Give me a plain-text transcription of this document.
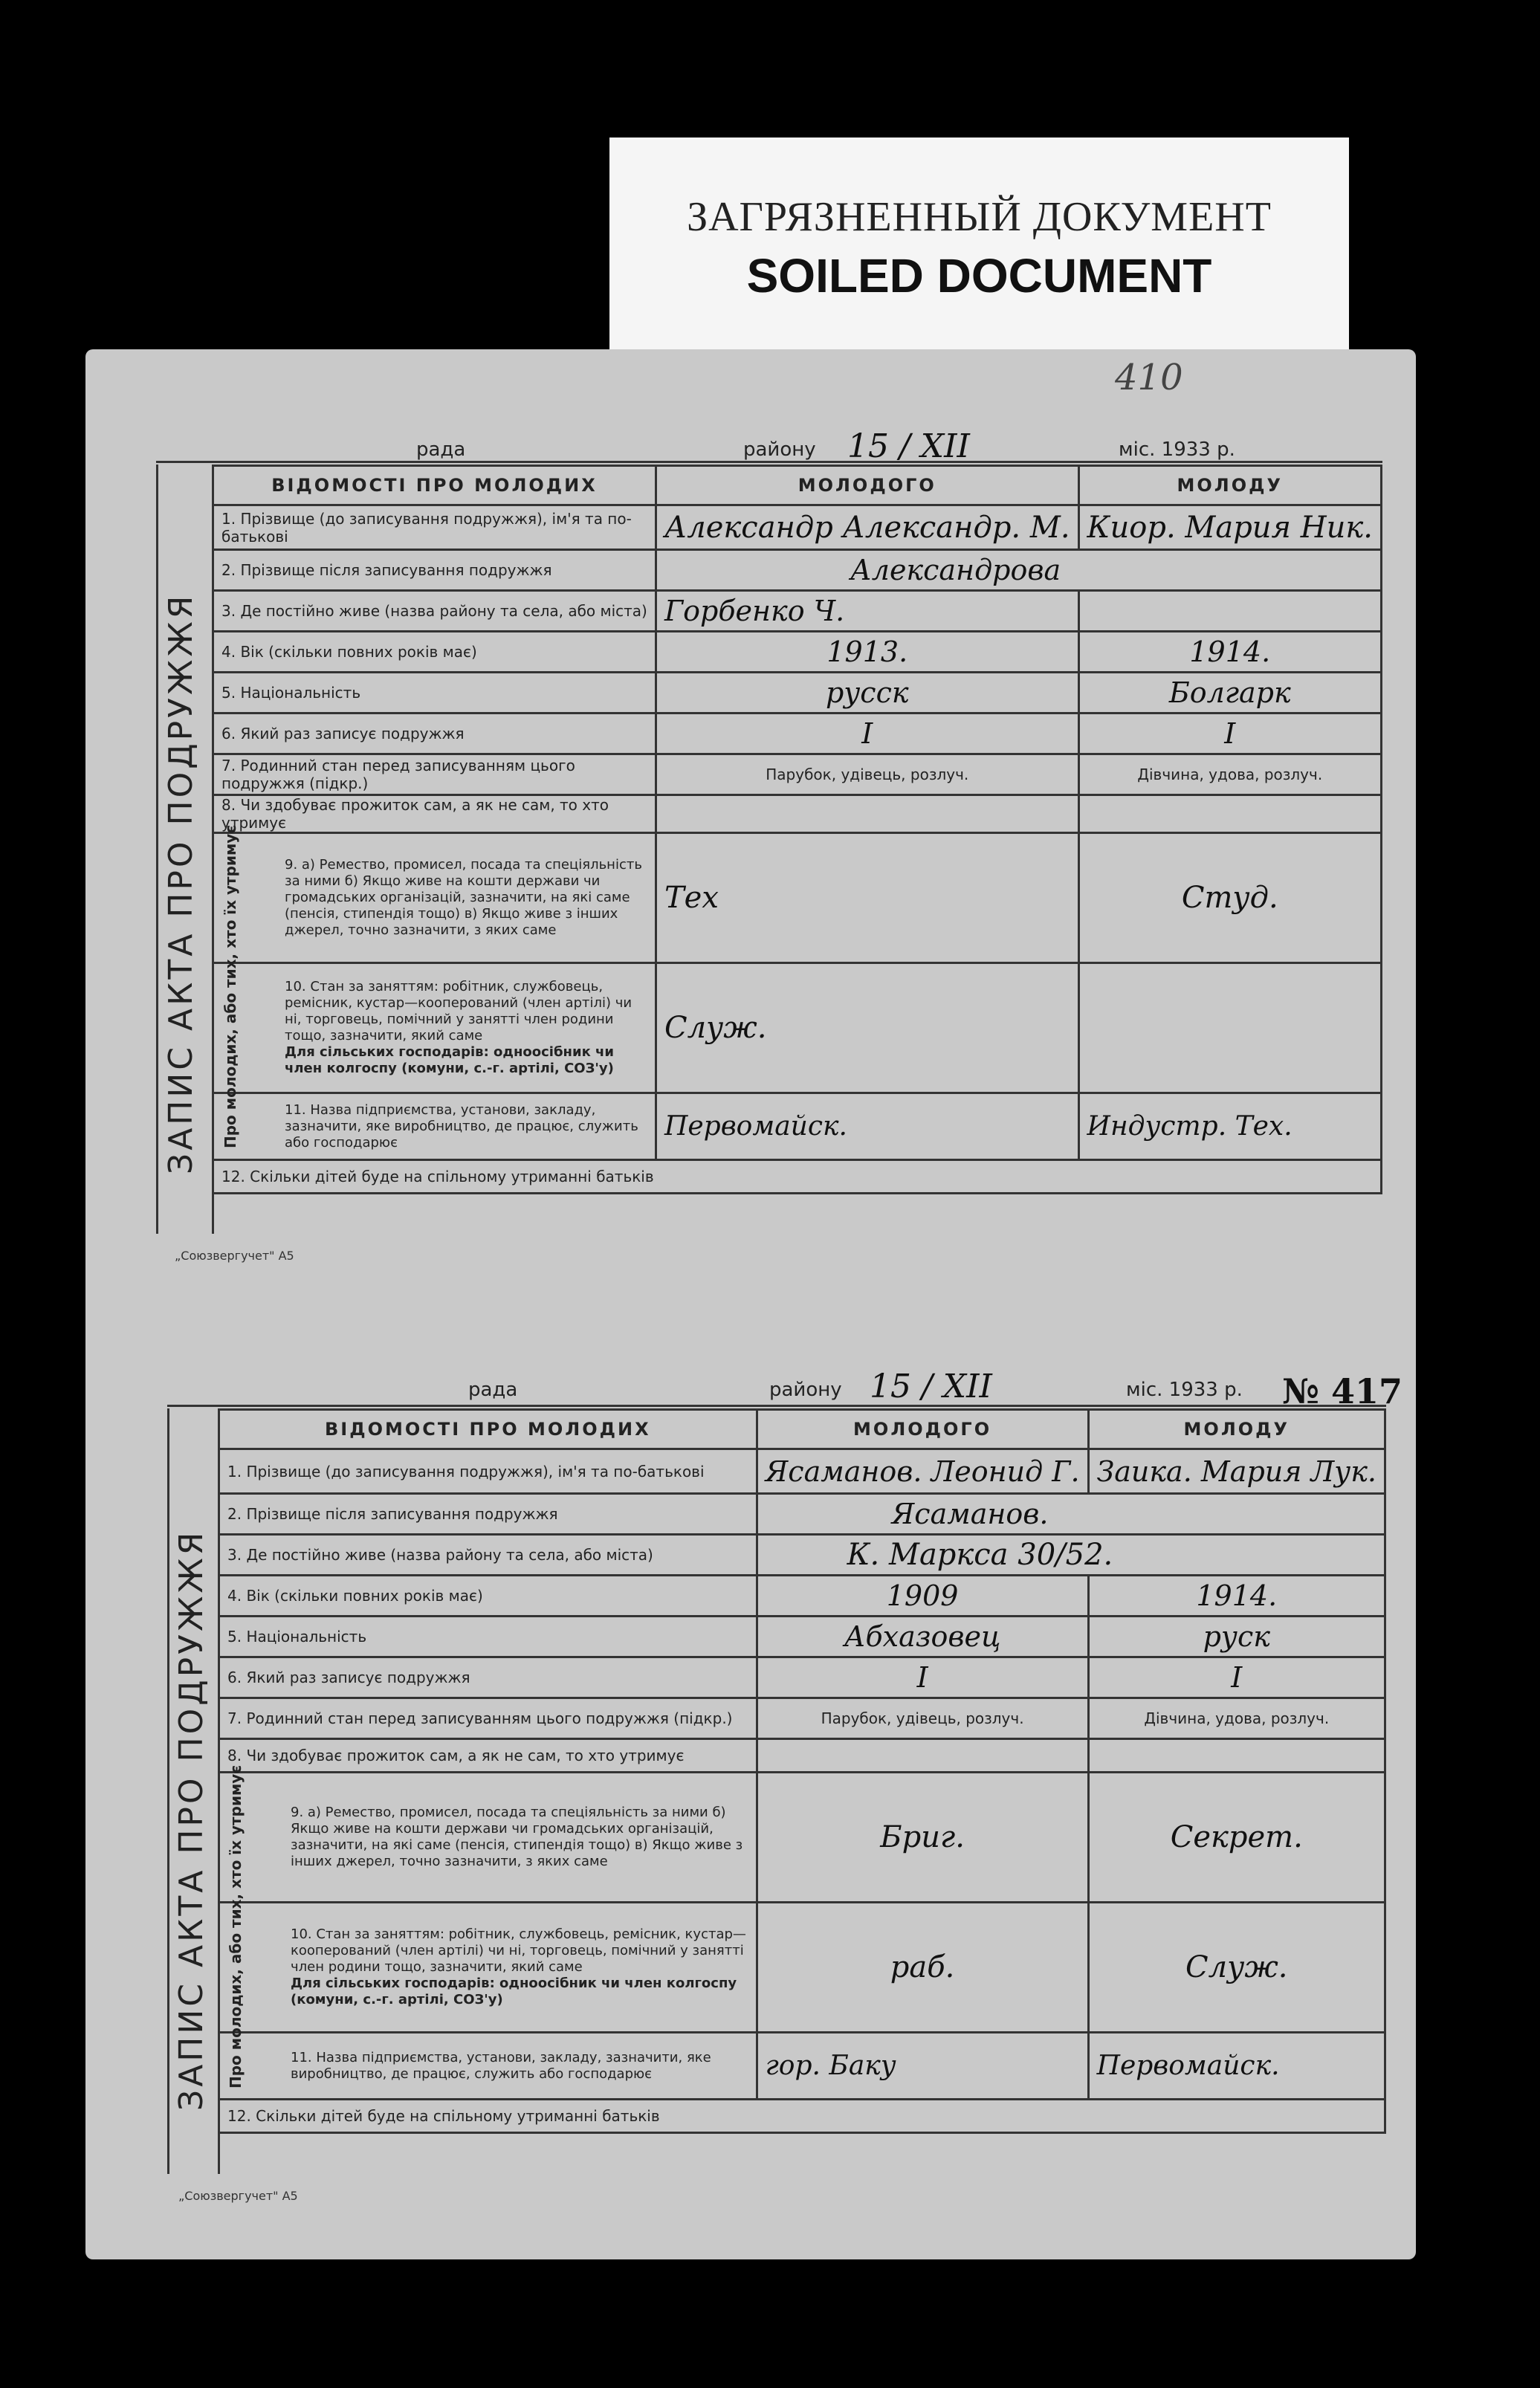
ЗАГРЯЗНЕННЫЙ ДОКУМЕНТ
SOILED DOCUMENT
рада	району 15 / XII	міс. 1933 р.
410
ЗАПИС АКТА ПРО ПОДРУЖЖЯ
ВІДОМОСТІ ПРО МОЛОДИХ	МОЛОДОГО	МОЛОДУ
1. Прізвище (до записування подружжя), ім'я та по-батькові	Александр Александр. М.	Киор. Мария Ник.
2. Прізвище після записування подружжя	Александрова	
3. Де постійно живе (назва району та села, або міста)	Горбенко Ч.	
4. Вік (скільки повних років має)	1913.	1914.
5. Національність	русск	Болгарк
6. Який раз записує подружжя	I	I
7. Родинний стан перед записуванням цього подружжя (підкр.)	Парубок, удівець, розлуч.	Дівчина, удова, розлуч.
8. Чи здобуває прожиток сам, а як не сам, то хто утримує		
9. а) Ремество, промисел, посада та спеціяльність за ними б) Якщо живе на кошти держави чи громадських організацій, зазначити, на які саме (пенсія, стипендія тощо) в) Якщо живе з інших джерел, точно зазначити, з яких саме	Тех	Студ.

10. Стан за заняттям: робітник, службовець, ремісник, кустар—кооперований (член артілі) чи ні, торговець, помічний у занятті член родини тощо, зазначити, який саме
Для сільських господарів: одноосібник чи член колгоспу (комуни, с.-г. артілі, СОЗ'у)	Служ.	
11. Назва підприємства, установи, закладу, зазначити, яке виробництво, де працює, служить або господарює	Первомайск.	Индустр. Тех.
12. Скільки дітей буде на спільному утриманні батьків		
Про молодих, або тих, хто їх утримує
„Союзвергучет" А5
рада	району 15 / XII	міс. 1933 р. № 417
ЗАПИС АКТА ПРО ПОДРУЖЖЯ
ВІДОМОСТІ ПРО МОЛОДИХ	МОЛОДОГО	МОЛОДУ
1. Прізвище (до записування подружжя), ім'я та по-батькові	Ясаманов. Леонид Г.	Заика. Мария Лук.
2. Прізвище після записування подружжя	Ясаманов.	
3. Де постійно живе (назва району та села, або міста)	К. Маркса 30/52.	
4. Вік (скільки повних років має)	1909	1914.
5. Національність	Абхазовец	руск
6. Який раз записує подружжя	I	I
7. Родинний стан перед записуванням цього подружжя (підкр.)	Парубок, удівець, розлуч.	Дівчина, удова, розлуч.
8. Чи здобуває прожиток сам, а як не сам, то хто утримує		
9. а) Ремество, промисел, посада та спеціяльність за ними б) Якщо живе на кошти держави чи громадських організацій, зазначити, на які саме (пенсія, стипендія тощо) в) Якщо живе з інших джерел, точно зазначити, з яких саме	Бриг.	Секрет.

10. Стан за заняттям: робітник, службовець, ремісник, кустар—кооперований (член артілі) чи ні, торговець, помічний у занятті член родини тощо, зазначити, який саме
Для сільських господарів: одноосібник чи член колгоспу (комуни, с.-г. артілі, СОЗ'у)	раб.	Служ.
11. Назва підприємства, установи, закладу, зазначити, яке виробництво, де працює, служить або господарює	гор. Баку	Первомайск.
12. Скільки дітей буде на спільному утриманні батьків		
Про молодих, або тих, хто їх утримує
„Союзвергучет" А5
